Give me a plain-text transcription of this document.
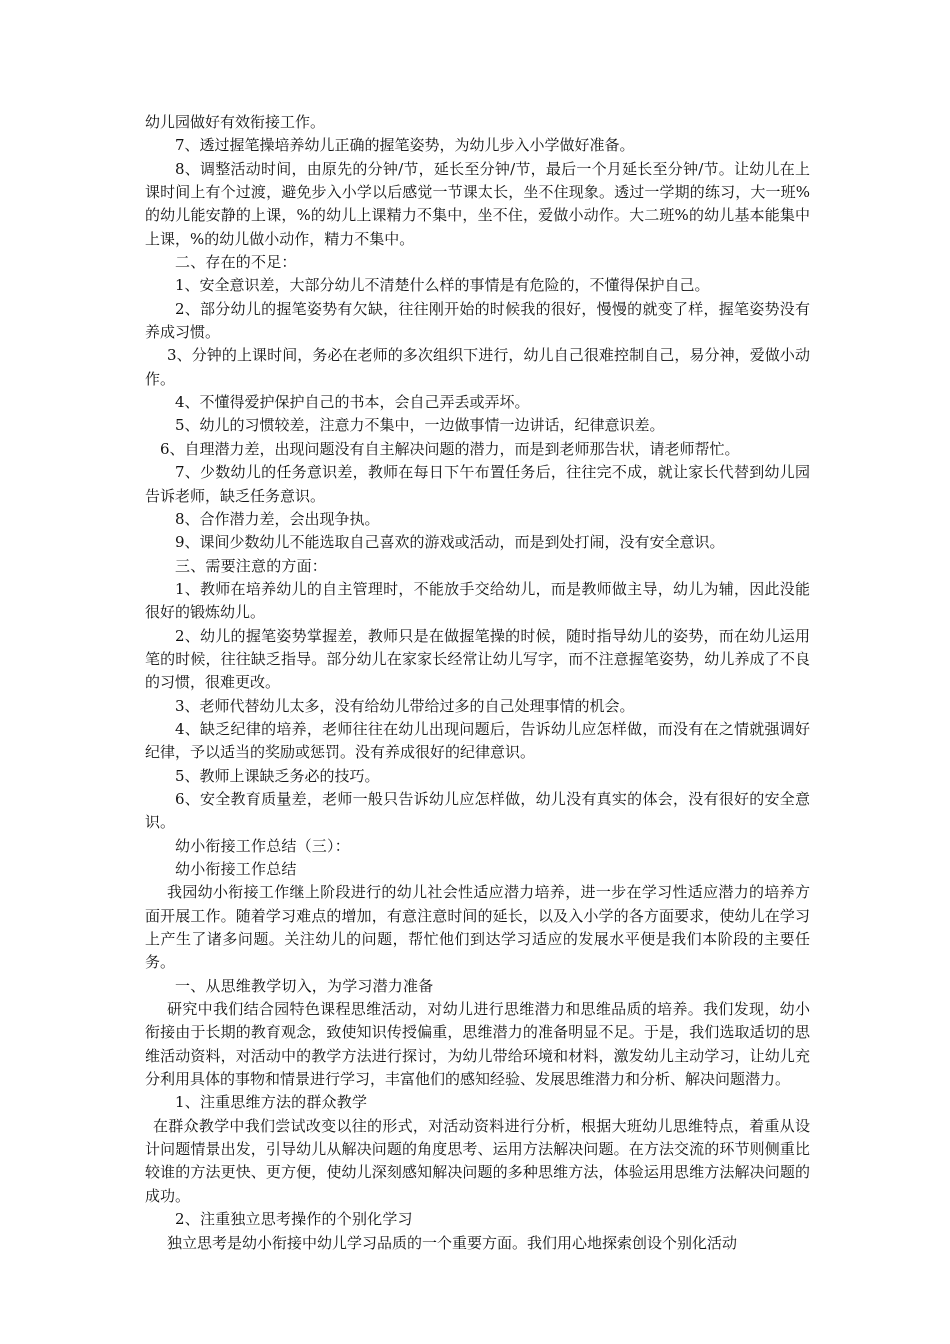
幼儿园做好有效衔接工作。

7、透过握笔操培养幼儿正确的握笔姿势，为幼儿步入小学做好准备。

8、调整活动时间，由原先的分钟/节，延长至分钟/节，最后一个月延长至分钟/节。让幼儿在上课时间上有个过渡，避免步入小学以后感觉一节课太长，坐不住现象。透过一学期的练习，大一班%的幼儿能安静的上课，%的幼儿上课精力不集中，坐不住，爱做小动作。大二班%的幼儿基本能集中上课，%的幼儿做小动作，精力不集中。

二、存在的不足：

1、安全意识差，大部分幼儿不清楚什么样的事情是有危险的，不懂得保护自己。

2、部分幼儿的握笔姿势有欠缺，往往刚开始的时候我的很好，慢慢的就变了样，握笔姿势没有养成习惯。

3、分钟的上课时间，务必在老师的多次组织下进行，幼儿自己很难控制自己，易分神，爱做小动作。

4、不懂得爱护保护自己的书本，会自己弄丢或弄坏。

5、幼儿的习惯较差，注意力不集中，一边做事情一边讲话，纪律意识差。

6、自理潜力差，出现问题没有自主解决问题的潜力，而是到老师那告状，请老师帮忙。

7、少数幼儿的任务意识差，教师在每日下午布置任务后，往往完不成，就让家长代替到幼儿园告诉老师，缺乏任务意识。

8、合作潜力差，会出现争执。

9、课间少数幼儿不能选取自己喜欢的游戏或活动，而是到处打闹，没有安全意识。

三、需要注意的方面：

1、教师在培养幼儿的自主管理时，不能放手交给幼儿，而是教师做主导，幼儿为辅，因此没能很好的锻炼幼儿。

2、幼儿的握笔姿势掌握差，教师只是在做握笔操的时候，随时指导幼儿的姿势，而在幼儿运用笔的时候，往往缺乏指导。部分幼儿在家家长经常让幼儿写字，而不注意握笔姿势，幼儿养成了不良的习惯，很难更改。

3、老师代替幼儿太多，没有给幼儿带给过多的自己处理事情的机会。

4、缺乏纪律的培养，老师往往在幼儿出现问题后，告诉幼儿应怎样做，而没有在之情就强调好纪律，予以适当的奖励或惩罚。没有养成很好的纪律意识。

5、教师上课缺乏务必的技巧。

6、安全教育质量差，老师一般只告诉幼儿应怎样做，幼儿没有真实的体会，没有很好的安全意识。

幼小衔接工作总结（三）：

幼小衔接工作总结

我园幼小衔接工作继上阶段进行的幼儿社会性适应潜力培养，进一步在学习性适应潜力的培养方面开展工作。随着学习难点的增加，有意注意时间的延长，以及入小学的各方面要求，使幼儿在学习上产生了诸多问题。关注幼儿的问题，帮忙他们到达学习适应的发展水平便是我们本阶段的主要任务。

一、从思维教学切入，为学习潜力准备

研究中我们结合园特色课程思维活动，对幼儿进行思维潜力和思维品质的培养。我们发现，幼小衔接由于长期的教育观念，致使知识传授偏重，思维潜力的准备明显不足。于是，我们选取适切的思维活动资料，对活动中的教学方法进行探讨，为幼儿带给环境和材料，激发幼儿主动学习，让幼儿充分利用具体的事物和情景进行学习，丰富他们的感知经验、发展思维潜力和分析、解决问题潜力。

1、注重思维方法的群众教学

在群众教学中我们尝试改变以往的形式，对活动资料进行分析，根据大班幼儿思维特点，着重从设计问题情景出发，引导幼儿从解决问题的角度思考、运用方法解决问题。在方法交流的环节则侧重比较谁的方法更快、更方便，使幼儿深刻感知解决问题的多种思维方法，体验运用思维方法解决问题的成功。

2、注重独立思考操作的个别化学习

独立思考是幼小衔接中幼儿学习品质的一个重要方面。我们用心地探索创设个别化活动
